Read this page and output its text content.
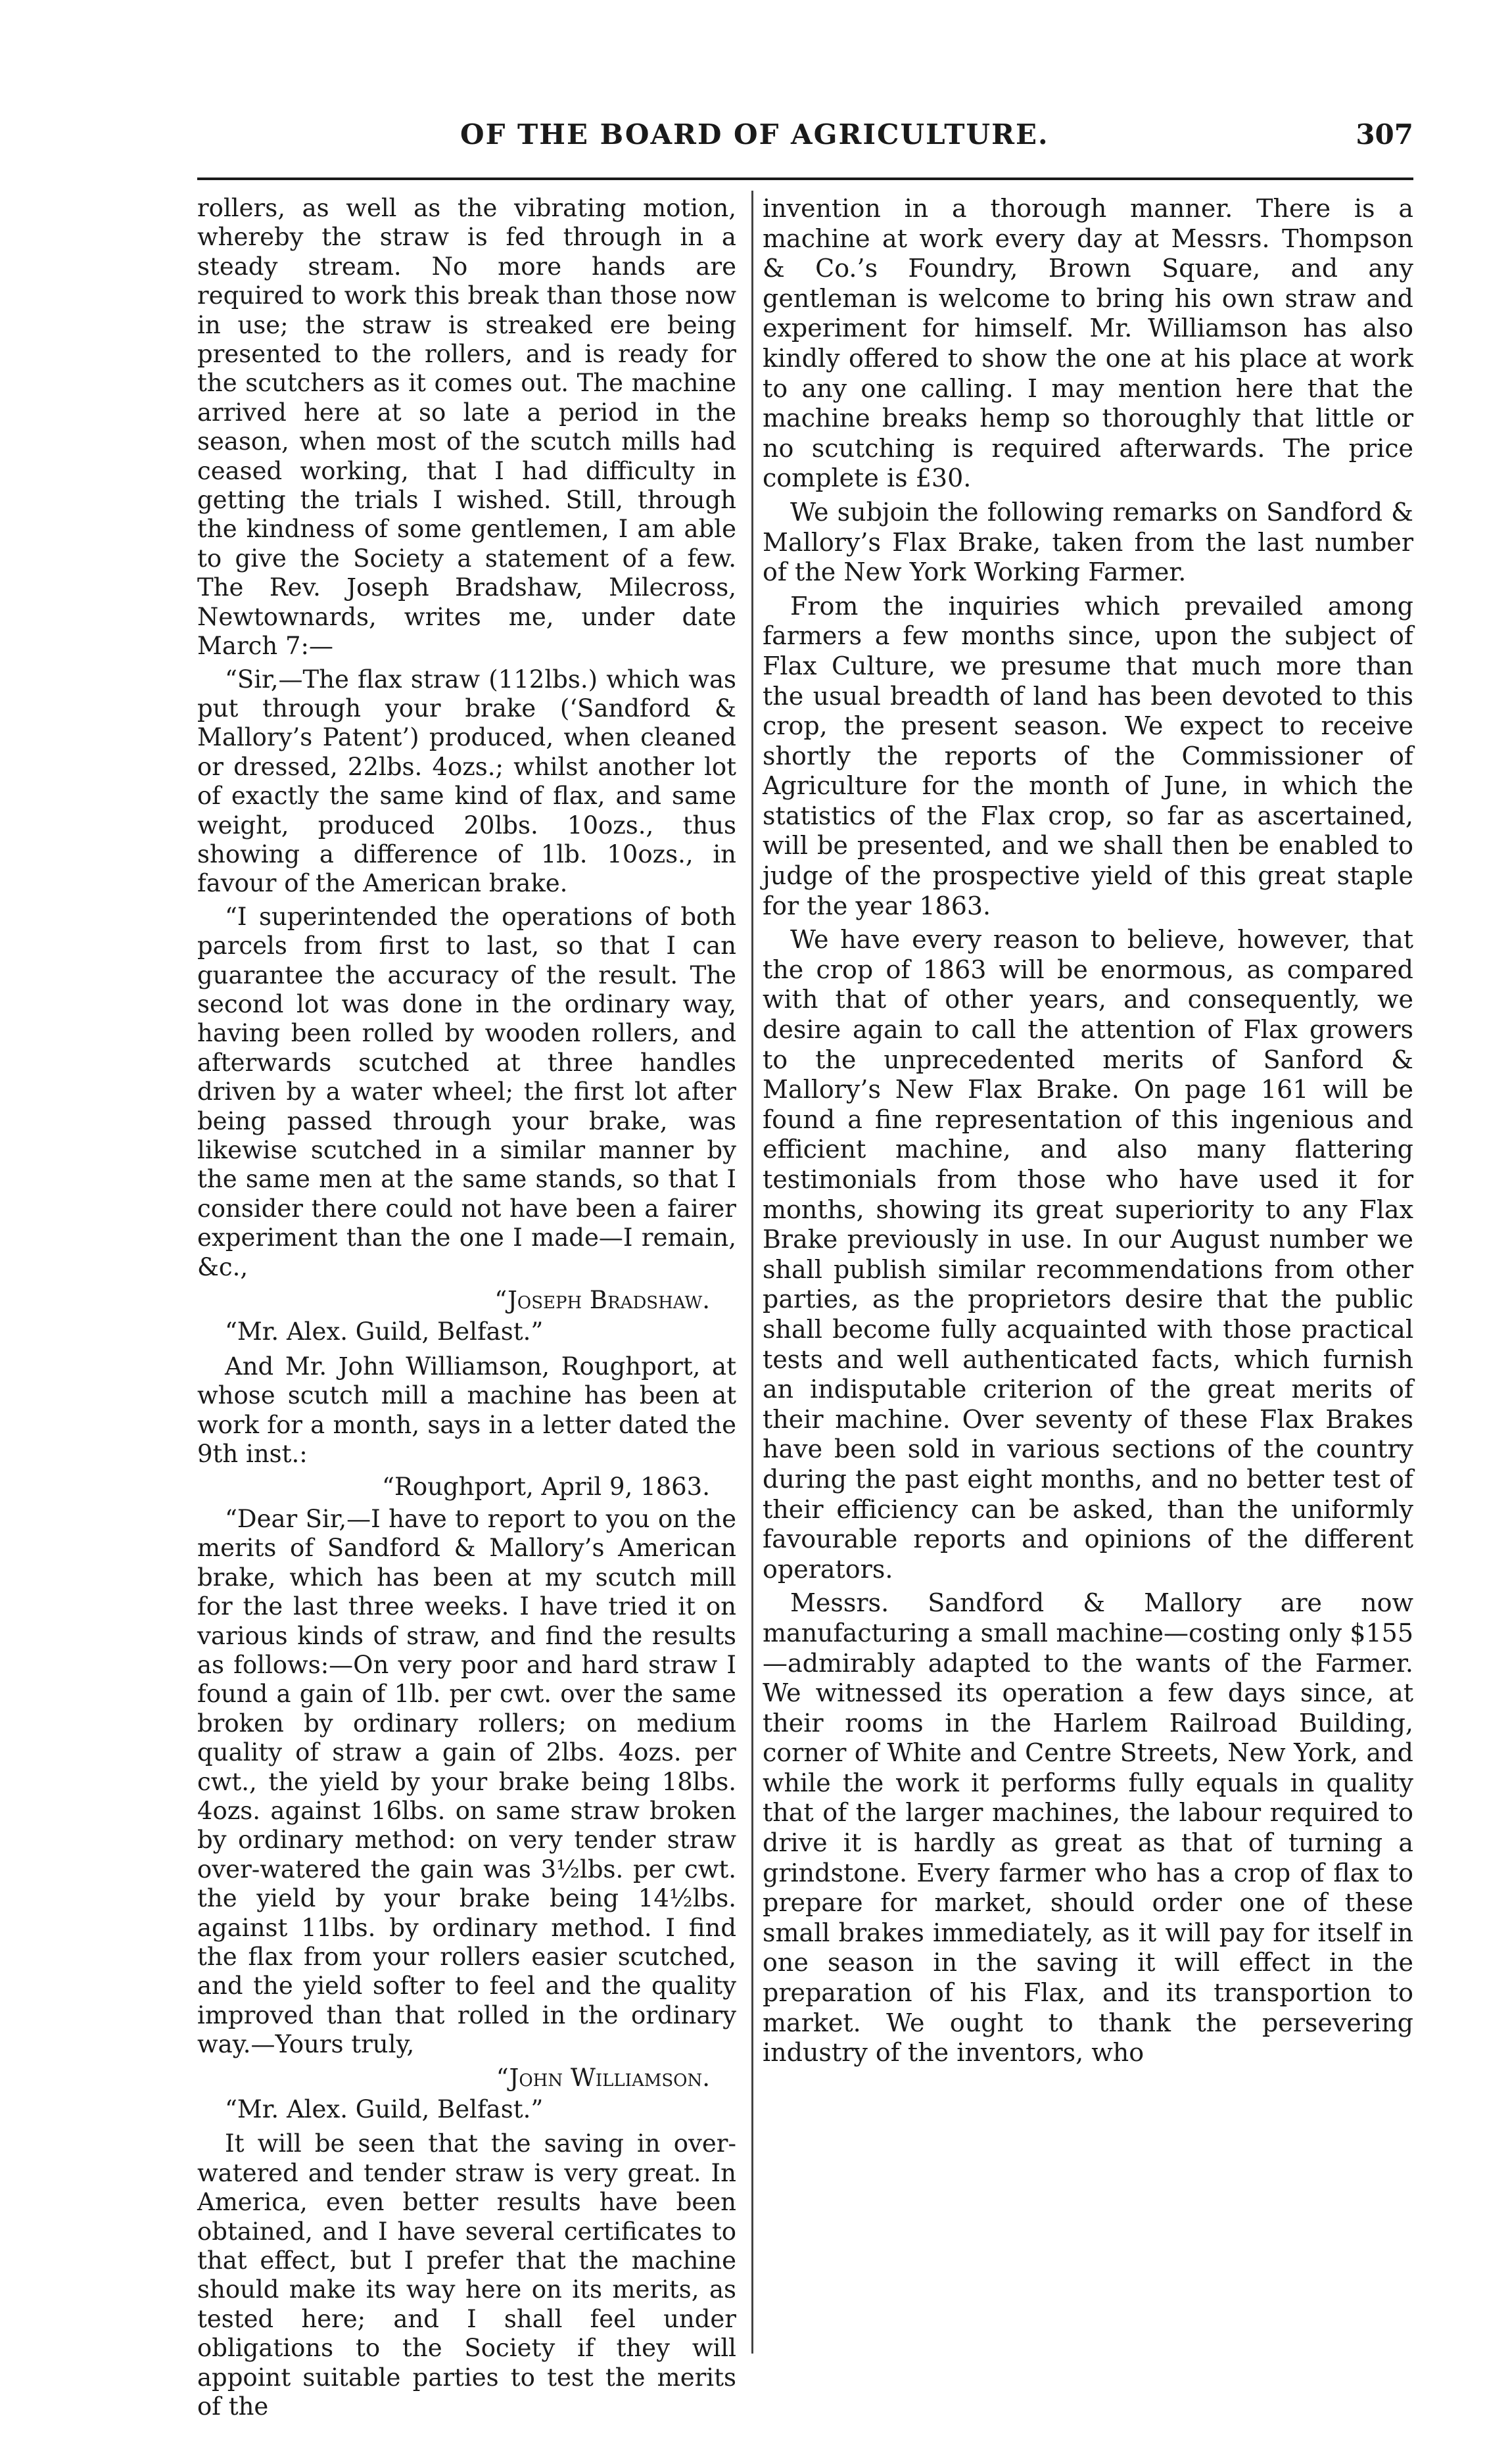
OF THE BOARD OF AGRICULTURE.	307

rollers, as well as the vibrating motion, whereby the straw is fed through in a steady stream. No more hands are required to work this break than those now in use; the straw is streaked ere being presented to the rollers, and is ready for the scutchers as it comes out. The machine arrived here at so late a period in the season, when most of the scutch mills had ceased working, that I had difficulty in getting the trials I wished. Still, through the kindness of some gentlemen, I am able to give the Society a statement of a few. The Rev. Joseph Bradshaw, Milecross, Newtownards, writes me, under date March 7:—

“Sir,—The flax straw (112lbs.) which was put through your brake (‘Sandford & Mallory’s Patent’) produced, when cleaned or dressed, 22lbs. 4ozs.; whilst another lot of exactly the same kind of flax, and same weight, produced 20lbs. 10ozs., thus showing a difference of 1lb. 10ozs., in favour of the American brake.

“I superintended the operations of both parcels from first to last, so that I can guarantee the accuracy of the result. The second lot was done in the ordinary way, having been rolled by wooden rollers, and afterwards scutched at three handles driven by a water wheel; the first lot after being passed through your brake, was likewise scutched in a similar manner by the same men at the same stands, so that I consider there could not have been a fairer experiment than the one I made—I remain, &c.,

“Joseph Bradshaw.

“Mr. Alex. Guild, Belfast.”

And Mr. John Williamson, Roughport, at whose scutch mill a machine has been at work for a month, says in a letter dated the 9th inst.:

“Roughport, April 9, 1863.

“Dear Sir,—I have to report to you on the merits of Sandford & Mallory’s American brake, which has been at my scutch mill for the last three weeks. I have tried it on various kinds of straw, and find the results as follows:—On very poor and hard straw I found a gain of 1lb. per cwt. over the same broken by ordinary rollers; on medium quality of straw a gain of 2lbs. 4ozs. per cwt., the yield by your brake being 18lbs. 4ozs. against 16lbs. on same straw broken by ordinary method: on very tender straw over-watered the gain was 3½lbs. per cwt. the yield by your brake being 14½lbs. against 11lbs. by ordinary method. I find the flax from your rollers easier scutched, and the yield softer to feel and the quality improved than that rolled in the ordinary way.—Yours truly,

“John Williamson.

“Mr. Alex. Guild, Belfast.”

It will be seen that the saving in over-watered and tender straw is very great. In America, even better results have been obtained, and I have several certificates to that effect, but I prefer that the machine should make its way here on its merits, as tested here; and I shall feel under obligations to the Society if they will appoint suitable parties to test the merits of the

invention in a thorough manner. There is a machine at work every day at Messrs. Thompson & Co.’s Foundry, Brown Square, and any gentleman is welcome to bring his own straw and experiment for himself. Mr. Williamson has also kindly offered to show the one at his place at work to any one calling. I may mention here that the machine breaks hemp so thoroughly that little or no scutching is required afterwards. The price complete is £30.

We subjoin the following remarks on Sandford & Mallory’s Flax Brake, taken from the last number of the New York Working Farmer.

From the inquiries which prevailed among farmers a few months since, upon the subject of Flax Culture, we presume that much more than the usual breadth of land has been devoted to this crop, the present season. We expect to receive shortly the reports of the Commissioner of Agriculture for the month of June, in which the statistics of the Flax crop, so far as ascertained, will be presented, and we shall then be enabled to judge of the prospective yield of this great staple for the year 1863.

We have every reason to believe, however, that the crop of 1863 will be enormous, as compared with that of other years, and consequently, we desire again to call the attention of Flax growers to the unprecedented merits of Sanford & Mallory’s New Flax Brake. On page 161 will be found a fine representation of this ingenious and efficient machine, and also many flattering testimonials from those who have used it for months, showing its great superiority to any Flax Brake previously in use. In our August number we shall publish similar recommendations from other parties, as the proprietors desire that the public shall become fully acquainted with those practical tests and well authenticated facts, which furnish an indisputable criterion of the great merits of their machine. Over seventy of these Flax Brakes have been sold in various sections of the country during the past eight months, and no better test of their efficiency can be asked, than the uniformly favourable reports and opinions of the different operators.

Messrs. Sandford & Mallory are now manufacturing a small machine—costing only $155—admirably adapted to the wants of the Farmer. We witnessed its operation a few days since, at their rooms in the Harlem Railroad Building, corner of White and Centre Streets, New York, and while the work it performs fully equals in quality that of the larger machines, the labour required to drive it is hardly as great as that of turning a grindstone. Every farmer who has a crop of flax to prepare for market, should order one of these small brakes immediately, as it will pay for itself in one season in the saving it will effect in the preparation of his Flax, and its transportion to market. We ought to thank the persevering industry of the inventors, who
